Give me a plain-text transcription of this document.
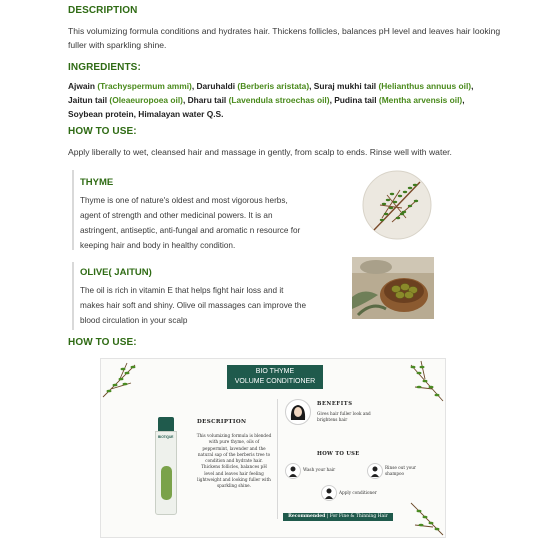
DESCRIPTION
This volumizing formula conditions and hydrates hair. Thickens follicles, balances pH level and leaves hair looking
fuller with sparkling shine.
INGREDIENTS:
Ajwain (Trachyspermum ammi), Daruhaldi (Berberis aristata), Suraj mukhi tail (Helianthus annuus oil),
Jaitun tail (Oleaeuropoea oil), Dharu tail (Lavendula stroechas oil), Pudina tail (Mentha arvensis oil),
Soybean protein, Himalayan water Q.S.
HOW TO USE:
Apply liberally to wet, cleansed hair and massage in gently, from scalp to ends. Rinse well with water.
THYME
Thyme is one of nature's oldest and most vigorous herbs,
agent of strength and other medicinal powers. It is an
astringent, antiseptic, anti-fungal and aromatic n resource for
keeping hair and body in healthy condition.
OLIVE( JAITUN)
The oil is rich in vitamin E that helps fight hair loss and it
makes hair soft and shiny. Olive oil massages can improve the
blood circulation in your scalp
HOW TO USE:
BIO THYME
VOLUME CONDITIONER
BIOTIQUE
DESCRIPTION
This volumizing formula is blended
with pure thyme, oils of
peppermint, lavender and the
natural sap of the berberis tree to
condition and hydrate hair.
Thickens follicles, balances pH
level and leaves hair feeling
lightweight and looking fuller with
sparkling shine.
BENEFITS
Gives hair fuller look and
brightens hair
HOW TO USE
Wash your hair	Rinse out your
shampoo
Apply conditioner
Recommended | For Fine & Thinning Hair
